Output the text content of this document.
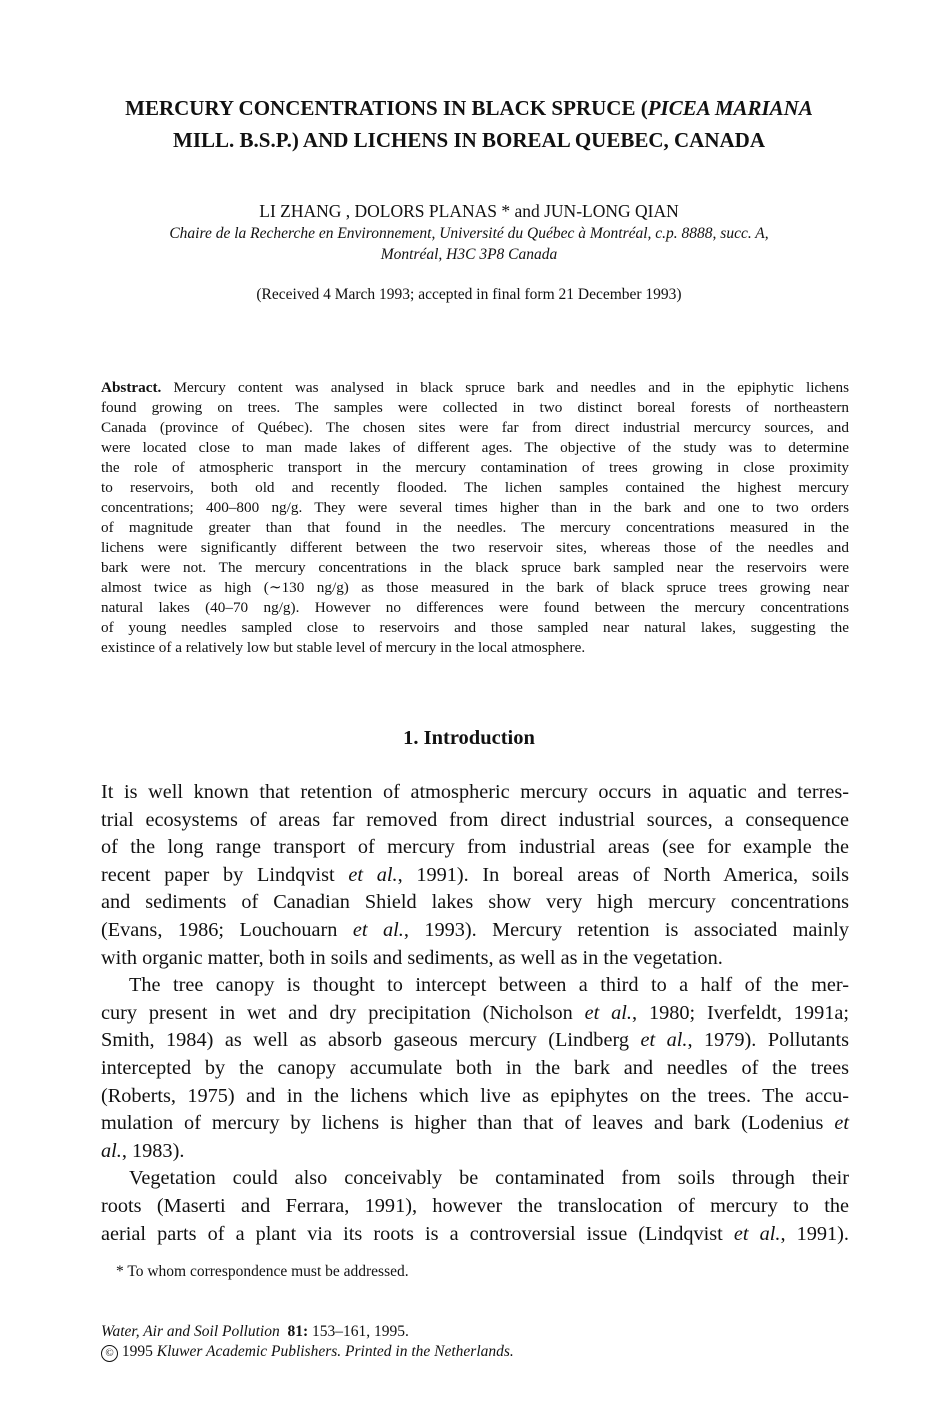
MERCURY CONCENTRATIONS IN BLACK SPRUCE (PICEA MARIANA
MILL. B.S.P.) AND LICHENS IN BOREAL QUEBEC, CANADA
LI ZHANG , DOLORS PLANAS * and JUN-LONG QIAN
Chaire de la Recherche en Environnement, Université du Québec à Montréal, c.p. 8888, succ. A,
Montréal, H3C 3P8 Canada
(Received 4 March 1993; accepted in final form 21 December 1993)
Abstract. Mercury content was analysed in black spruce bark and needles and in the epiphytic lichens
found growing on trees. The samples were collected in two distinct boreal forests of northeastern
Canada (province of Québec). The chosen sites were far from direct industrial mercurcy sources, and
were located close to man made lakes of different ages. The objective of the study was to determine
the role of atmospheric transport in the mercury contamination of trees growing in close proximity
to reservoirs, both old and recently flooded. The lichen samples contained the highest mercury
concentrations; 400–800 ng/g. They were several times higher than in the bark and one to two orders
of magnitude greater than that found in the needles. The mercury concentrations measured in the
lichens were significantly different between the two reservoir sites, whereas those of the needles and
bark were not. The mercury concentrations in the black spruce bark sampled near the reservoirs were
almost twice as high (∼130 ng/g) as those measured in the bark of black spruce trees growing near
natural lakes (40–70 ng/g). However no differences were found between the mercury concentrations
of young needles sampled close to reservoirs and those sampled near natural lakes, suggesting the
existince of a relatively low but stable level of mercury in the local atmosphere.
1. Introduction
It is well known that retention of atmospheric mercury occurs in aquatic and terres-
trial ecosystems of areas far removed from direct industrial sources, a consequence
of the long range transport of mercury from industrial areas (see for example the
recent paper by Lindqvist et al., 1991). In boreal areas of North America, soils
and sediments of Canadian Shield lakes show very high mercury concentrations
(Evans, 1986; Louchouarn et al., 1993). Mercury retention is associated mainly
with organic matter, both in soils and sediments, as well as in the vegetation.
The tree canopy is thought to intercept between a third to a half of the mer-
cury present in wet and dry precipitation (Nicholson et al., 1980; Iverfeldt, 1991a;
Smith, 1984) as well as absorb gaseous mercury (Lindberg et al., 1979). Pollutants
intercepted by the canopy accumulate both in the bark and needles of the trees
(Roberts, 1975) and in the lichens which live as epiphytes on the trees. The accu-
mulation of mercury by lichens is higher than that of leaves and bark (Lodenius et
al., 1983).
Vegetation could also conceivably be contaminated from soils through their
roots (Maserti and Ferrara, 1991), however the translocation of mercury to the
aerial parts of a plant via its roots is a controversial issue (Lindqvist et al., 1991).
* To whom correspondence must be addressed.
Water, Air and Soil Pollution 81: 153–161, 1995.
© 1995 Kluwer Academic Publishers. Printed in the Netherlands.
